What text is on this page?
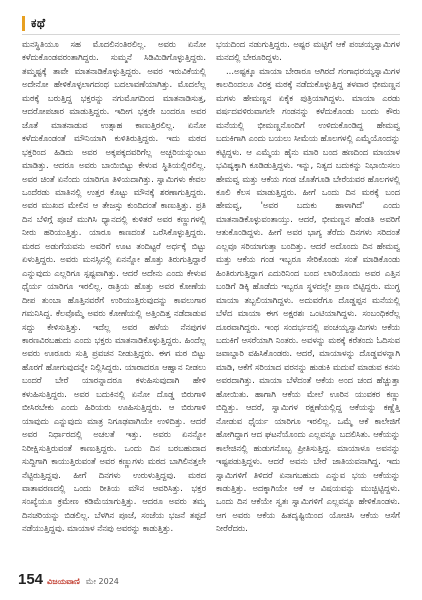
ಕಥೆ

ಮನಸ್ಥಿತಿಯೂ ಸಹ ಮೊದಲಿನಂತಿರಲಿಲ್ಲ. ಅವರು ಏನೋ ಕಳೆದುಕೊಂಡವರಂತಾಗಿದ್ದರು. ಸುಮ್ಮನೆ ಸಿಡಿಮಿಡಿಗೊಳ್ಳುತ್ತಿದ್ದರು. ತಮ್ಮಷ್ಟಕ್ಕೆ ತಾವೇ ಮಾತನಾಡಿಕೊಳ್ಳುತ್ತಿದ್ದರು. ಅವರ ಇರುವಿಕೆಯಲ್ಲಿ ಅದೇನೋ ಹೇಳಿಕೊಳ್ಳಲಾಗದಂಥ ಬದಲಾವಣೆಯಾಗಿತ್ತು. ಮೊದಲೆಲ್ಲ ಮಠಕ್ಕೆ ಬರುತ್ತಿದ್ದ ಭಕ್ತರನ್ನು ನಗುಮೊಗದಿಂದ ಮಾತನಾಡಿಸುತ್ತ, ಆದರೋಪಚಾರ ಮಾಡುತ್ತಿದ್ದರು. ಇದೀಗ ಭಕ್ತರೇ ಬಂದರೂ ಅವರ ಜೊತೆ ಮಾತನಾಡುವ ಉತ್ಸಾಹ ಕಾಣುತ್ತಿರಲಿಲ್ಲ. ಏನೋ ಕಳೆದುಕೊಂಡಂತೆ ಮೌನಿಯಾಗಿ ಕುಳಿತಿರುತ್ತಿದ್ದರು. ಇದು ಮಠದ ಭಕ್ತರಿಂದ ಹಿಡಿದು ಅವರ ಅಕ್ಕಪಕ್ಕದವರಿಗೆಲ್ಲ ಅಚ್ಚರಿಯನ್ನುಂಟು ಮಾಡಿತ್ತು. ಆದರೂ ಅವರು ಬಾಯಿಬಿಟ್ಟು ಕೇಳುವ ಸ್ಥಿತಿಯಲ್ಲಿರಲಿಲ್ಲ. ಅವರ ಚಿಂತೆ ಏನೆಂದು ಯಾರಿಗೂ ತಿಳಿಯದಾಗಿತ್ತು. ಸ್ವಾಮಿಗಳು ಕೇವಲ ಒಂದೆರಡು ಮಾತಿನಲ್ಲಿ ಉತ್ತರ ಕೊಟ್ಟು ಮೌನಕ್ಕೆ ಶರಣಾಗುತ್ತಿದ್ದರು. ಅವರ ಮುಖದ ಮೇಲಿನ ಆ ತೇಜಸ್ಸು ಕುಂದಿದಂತೆ ಕಾಣುತ್ತಿತ್ತು. ಪ್ರತಿ ದಿನ ಬೆಳಿಗ್ಗೆ ಪೂಜೆ ಮುಗಿಸಿ ಧ್ಯಾನದಲ್ಲಿ ಕುಳಿತರೆ ಅವರ ಕಣ್ಣುಗಳಲ್ಲಿ ನೀರು ಹರಿಯುತ್ತಿತ್ತು. ಯಾರೂ ಕಾಣದಂತೆ ಒರೆಸಿಕೊಳ್ಳುತ್ತಿದ್ದರು. ಮಠದ ಅಡುಗೆಯವನು ಅವರಿಗೆ ಊಟ ತಂದಿಟ್ಟರೆ ಅರ್ಧಕ್ಕೆ ಬಿಟ್ಟು ಏಳುತ್ತಿದ್ದರು. ಅವರು ಮನಸ್ಸಿನಲ್ಲಿ ಏನನ್ನೋ ಹೊತ್ತು ತಿರುಗುತ್ತಿದ್ದಾರೆ ಎನ್ನುವುದು ಎಲ್ಲರಿಗೂ ಸ್ಪಷ್ಟವಾಗಿತ್ತು. ಆದರೆ ಅದೇನು ಎಂದು ಕೇಳುವ ಧೈರ್ಯ ಯಾರಿಗೂ ಇರಲಿಲ್ಲ. ರಾತ್ರಿಯ ಹೊತ್ತು ಅವರ ಕೋಣೆಯ ದೀಪ ತುಂಬಾ ಹೊತ್ತಿನವರೆಗೆ ಉರಿಯುತ್ತಿರುವುದನ್ನು ಕಾವಲುಗಾರ ಗಮನಿಸಿದ್ದ. ಕೆಲವೊಮ್ಮೆ ಅವರು ಕೋಣೆಯಲ್ಲಿ ಅತ್ತಿಂದಿತ್ತ ನಡೆದಾಡುವ ಸದ್ದು ಕೇಳಿಸುತ್ತಿತ್ತು. ಇದೆಲ್ಲ ಅವರ ಹಳೆಯ ನೆನಪುಗಳ ಕಾರಣವಿರಬಹುದು ಎಂದು ಭಕ್ತರು ಮಾತನಾಡಿಕೊಳ್ಳುತ್ತಿದ್ದರು. ಹಿಂದೆಲ್ಲ ಅವರು ಊರೂರು ಸುತ್ತಿ ಪ್ರವಚನ ನೀಡುತ್ತಿದ್ದರು. ಈಗ ಮಠ ಬಿಟ್ಟು ಹೊರಗೆ ಹೋಗುವುದನ್ನೇ ನಿಲ್ಲಿಸಿದ್ದರು. ಯಾರಾದರೂ ಆಹ್ವಾನ ನೀಡಲು ಬಂದರೆ ಬೇರೆ ಯಾರನ್ನಾದರೂ ಕಳುಹಿಸುವುದಾಗಿ ಹೇಳಿ ಕಳುಹಿಸುತ್ತಿದ್ದರು. ಅವರ ಬದುಕಿನಲ್ಲಿ ಏನೋ ದೊಡ್ಡ ಬಿರುಗಾಳಿ ಬೀಸಿರಬೇಕು ಎಂದು ಹಿರಿಯರು ಊಹಿಸುತ್ತಿದ್ದರು. ಆ ಬಿರುಗಾಳಿ ಯಾವುದು ಎನ್ನುವುದು ಮಾತ್ರ ನಿಗೂಢವಾಗಿಯೇ ಉಳಿದಿತ್ತು. ಆದರೆ ಅವರ ನಿರ್ಧಾರದಲ್ಲಿ ಅಚಲತೆ ಇತ್ತು. ಅವರು ಏನನ್ನೋ ನಿರೀಕ್ಷಿಸುತ್ತಿರುವಂತೆ ಕಾಣುತ್ತಿದ್ದರು. ಒಂದು ದಿನ ಬರಬಹುದಾದ ಸುದ್ದಿಗಾಗಿ ಕಾಯುತ್ತಿರುವಂತೆ ಅವರ ಕಣ್ಣುಗಳು ಮಠದ ಬಾಗಿಲಿನತ್ತಲೇ ನೆಟ್ಟಿರುತ್ತಿದ್ದವು. ಹೀಗೆ ದಿನಗಳು ಉರುಳುತ್ತಿದ್ದವು. ಮಠದ ವಾತಾವರಣದಲ್ಲಿ ಒಂದು ರೀತಿಯ ಮೌನ ಆವರಿಸಿತ್ತು. ಭಕ್ತರ ಸಂಖ್ಯೆಯೂ ಕ್ರಮೇಣ ಕಡಿಮೆಯಾಗುತ್ತಿತ್ತು. ಆದರೂ ಅವರು ತಮ್ಮ ದಿನಚರಿಯನ್ನು ಬಿಡಲಿಲ್ಲ. ಬೆಳಗಿನ ಪೂಜೆ, ಸಂಜೆಯ ಭಜನೆ ತಪ್ಪದೆ ನಡೆಯುತ್ತಿದ್ದವು. ಮಾಯಾಳ ನೆನಪು ಅವರನ್ನು ಕಾಡುತ್ತಿತ್ತು.

ಭಯದಿಂದ ನಡುಗುತ್ತಿದ್ದರು. ಅಷ್ಟರ ಮಟ್ಟಿಗೆ ಆಕೆ ಪಂಚಯ್ಯಸ್ವಾಮಿಗಳ ಮನದಲ್ಲಿ ಬೇರೂರಿದ್ದಳು.

...ಅಷ್ಟಕ್ಕೂ ಮಾಯಾ ಬೇರಾರೂ ಆಗಿರದೆ ಗಂಗಾಧರಯ್ಯಸ್ವಾಮಿಗಳ ಕಾಲದಿಂದಲೂ ವಿರಕ್ತ ಮಠಕ್ಕೆ ನಡೆದುಕೊಳ್ಳುತ್ತಿದ್ದ ತಳವಾರ ಭೀಮಣ್ಣನ ಮಗಳು ಹೇಮಣ್ಣನ ಏಕೈಕ ಪುತ್ರಿಯಾಗಿದ್ದಳು. ಮಾಯಾ ಎರಡು ವರ್ಷದವಳಿರುವಾಗಲೇ ಗಂಡನನ್ನು ಕಳೆದುಕೊಂಡು ಬಂದು ಕೌರು ಮನೆಯಲ್ಲಿ ಭೀಮಣ್ಣನೊಂದಿಗೆ ಉಳಿದುಕೊಂಡಿದ್ದ ಹೇಮವ್ವ ಬದುಕಿಗಾಗಿ ಎಂದು ಬಯಲು ಸೀಮೆಯ ಹೊಲಗಳಲ್ಲಿ ಎಮ್ಮೆಯೊಂದನ್ನು ಕಟ್ಟಿದ್ದಳು. ಆ ಎಮ್ಮೆಯ ಹೈನು ಮಾರಿ ಬಂದ ಹಣದಿಂದ ಮಾಯಾಳ ಭವಿಷ್ಯಕ್ಕಾಗಿ ಕೂಡಿಡುತ್ತಿದ್ದಳು. ಇನ್ನು, ನಿತ್ಯದ ಬದುಕನ್ನು ನಿಭಾಯಿಸಲು ಹೇಮವ್ವ ಮತ್ತು ಆಕೆಯ ಗಂಡ ಜೊತೆಗೂಡಿ ಬೇರೆಯವರ ಹೊಲಗಳಲ್ಲಿ ಕೂಲಿ ಕೆಲಸ ಮಾಡುತ್ತಿದ್ದರು. ಹೀಗೆ ಒಂದು ದಿನ ಮಠಕ್ಕೆ ಬಂದ ಹೇಮವ್ವ, 'ಅವರ ಬದುಕು ಹಾಳಾಗಿದೆ' ಎಂದು ಮಾತನಾಡಿಕೊಳ್ಳುವಂತಾಯ್ತು. ಆದರೆ, ಭೀಮಣ್ಣನ ಹೆಂಡತಿ ಅವರಿಗೆ ಆತುಕೊಂಡಿದ್ದಳು. ಹೀಗೆ ಅವರ ಭಾಗ್ಯ ತೆರೆದು ದಿನಗಳು ಸರಿದಂತೆ ಎಲ್ಲವೂ ಸರಿಯಾಗುತ್ತಾ ಬಂದಿತ್ತು. ಆದರೆ ಅದೊಂದು ದಿನ ಹೇಮವ್ವ ಮತ್ತು ಆಕೆಯ ಗಂಡ ಇಬ್ಬರೂ ಸೇರಿಕೊಂಡು ಸಂತೆ ಮಾಡಿಕೊಂಡು ಹಿಂತಿರುಗುತ್ತಿದ್ದಾಗ ಎದುರಿನಿಂದ ಬಂದ ಲಾರಿಯೊಂದು ಅವರ ಎತ್ತಿನ ಬಂಡಿಗೆ ಡಿಕ್ಕಿ ಹೊಡೆದು ಇಬ್ಬರೂ ಸ್ಥಳದಲ್ಲೇ ಪ್ರಾಣ ಬಿಟ್ಟಿದ್ದರು. ಮುಗ್ಧ ಮಾಯಾ ತಬ್ಬಲಿಯಾಗಿದ್ದಳು. ಅದುವರೆಗೂ ದೊಡ್ಡಪ್ಪನ ಮನೆಯಲ್ಲಿ ಬೆಳೆದ ಮಾಯಾ ಈಗ ಅಕ್ಷರಶಃ ಒಂಟಿಯಾಗಿದ್ದಳು. ಸಂಬಂಧಿಕರೆಲ್ಲ ದೂರವಾಗಿದ್ದರು. ಇಂಥ ಸಂದರ್ಭದಲ್ಲಿ ಪಂಚಯ್ಯಸ್ವಾಮಿಗಳು ಆಕೆಯ ಬದುಕಿಗೆ ಆಸರೆಯಾಗಿ ನಿಂತರು. ಅವಳನ್ನು ಮಠಕ್ಕೆ ಕರೆತಂದು ಓದಿಸುವ ಜವಾಬ್ದಾರಿ ವಹಿಸಿಕೊಂಡರು. ಆದರೆ, ಮಾಯಾಳನ್ನು ದೊಡ್ಡವಳನ್ನಾಗಿ ಮಾಡಿ, ಆಕೆಗೆ ಸರಿಯಾದ ವರನನ್ನು ಹುಡುಕಿ ಮದುವೆ ಮಾಡುವ ಕನಸು ಅವರದಾಗಿತ್ತು. ಮಾಯಾ ಬೆಳೆದಂತೆ ಆಕೆಯ ಅಂದ ಚಂದ ಹೆಚ್ಚುತ್ತಾ ಹೋಯಿತು. ಹಾಗಾಗಿ ಆಕೆಯ ಮೇಲೆ ಊರಿನ ಯುವಕರ ಕಣ್ಣು ಬಿದ್ದಿತ್ತು. ಆದರೆ, ಸ್ವಾಮಿಗಳ ರಕ್ಷಣೆಯಲ್ಲಿದ್ದ ಆಕೆಯನ್ನು ಕಣ್ಣೆತ್ತಿ ನೋಡುವ ಧೈರ್ಯ ಯಾರಿಗೂ ಇರಲಿಲ್ಲ. ಒಮ್ಮೆ ಆಕೆ ಕಾಲೇಜಿಗೆ ಹೋಗಿದ್ದಾಗ ಆದ ಘಟನೆಯೊಂದು ಎಲ್ಲವನ್ನೂ ಬದಲಿಸಿತು. ಆಕೆಯನ್ನು ಕಾಲೇಜಿನಲ್ಲಿ ಹುಡುಗನೊಬ್ಬ ಪ್ರೀತಿಸುತ್ತಿದ್ದ. ಮಾಯಾಳೂ ಅವನನ್ನು ಇಷ್ಟಪಡುತ್ತಿದ್ದಳು. ಆದರೆ ಅವನು ಬೇರೆ ಜಾತಿಯವನಾಗಿದ್ದ. ಇದು ಸ್ವಾಮಿಗಳಿಗೆ ತಿಳಿದರೆ ಏನಾಗಬಹುದು ಎನ್ನುವ ಭಯ ಆಕೆಯನ್ನು ಕಾಡುತ್ತಿತ್ತು. ಅದಕ್ಕಾಗಿಯೇ ಆಕೆ ಆ ವಿಷಯವನ್ನು ಮುಚ್ಚಿಟ್ಟಿದ್ದಳು. ಒಂದು ದಿನ ಆಕೆಯೇ ಸ್ವತಃ ಸ್ವಾಮಿಗಳಿಗೆ ಎಲ್ಲವನ್ನೂ ಹೇಳಿಕೊಂಡಳು. ಆಗ ಅವರು ಆಕೆಯ ಹಿತದೃಷ್ಟಿಯಿಂದ ಯೋಚಿಸಿ ಆಕೆಯ ಆಸೆಗೆ ನೀರೆರೆದರು.

154 ವಿಜಯವಾಣಿ ಮೇ 2024
